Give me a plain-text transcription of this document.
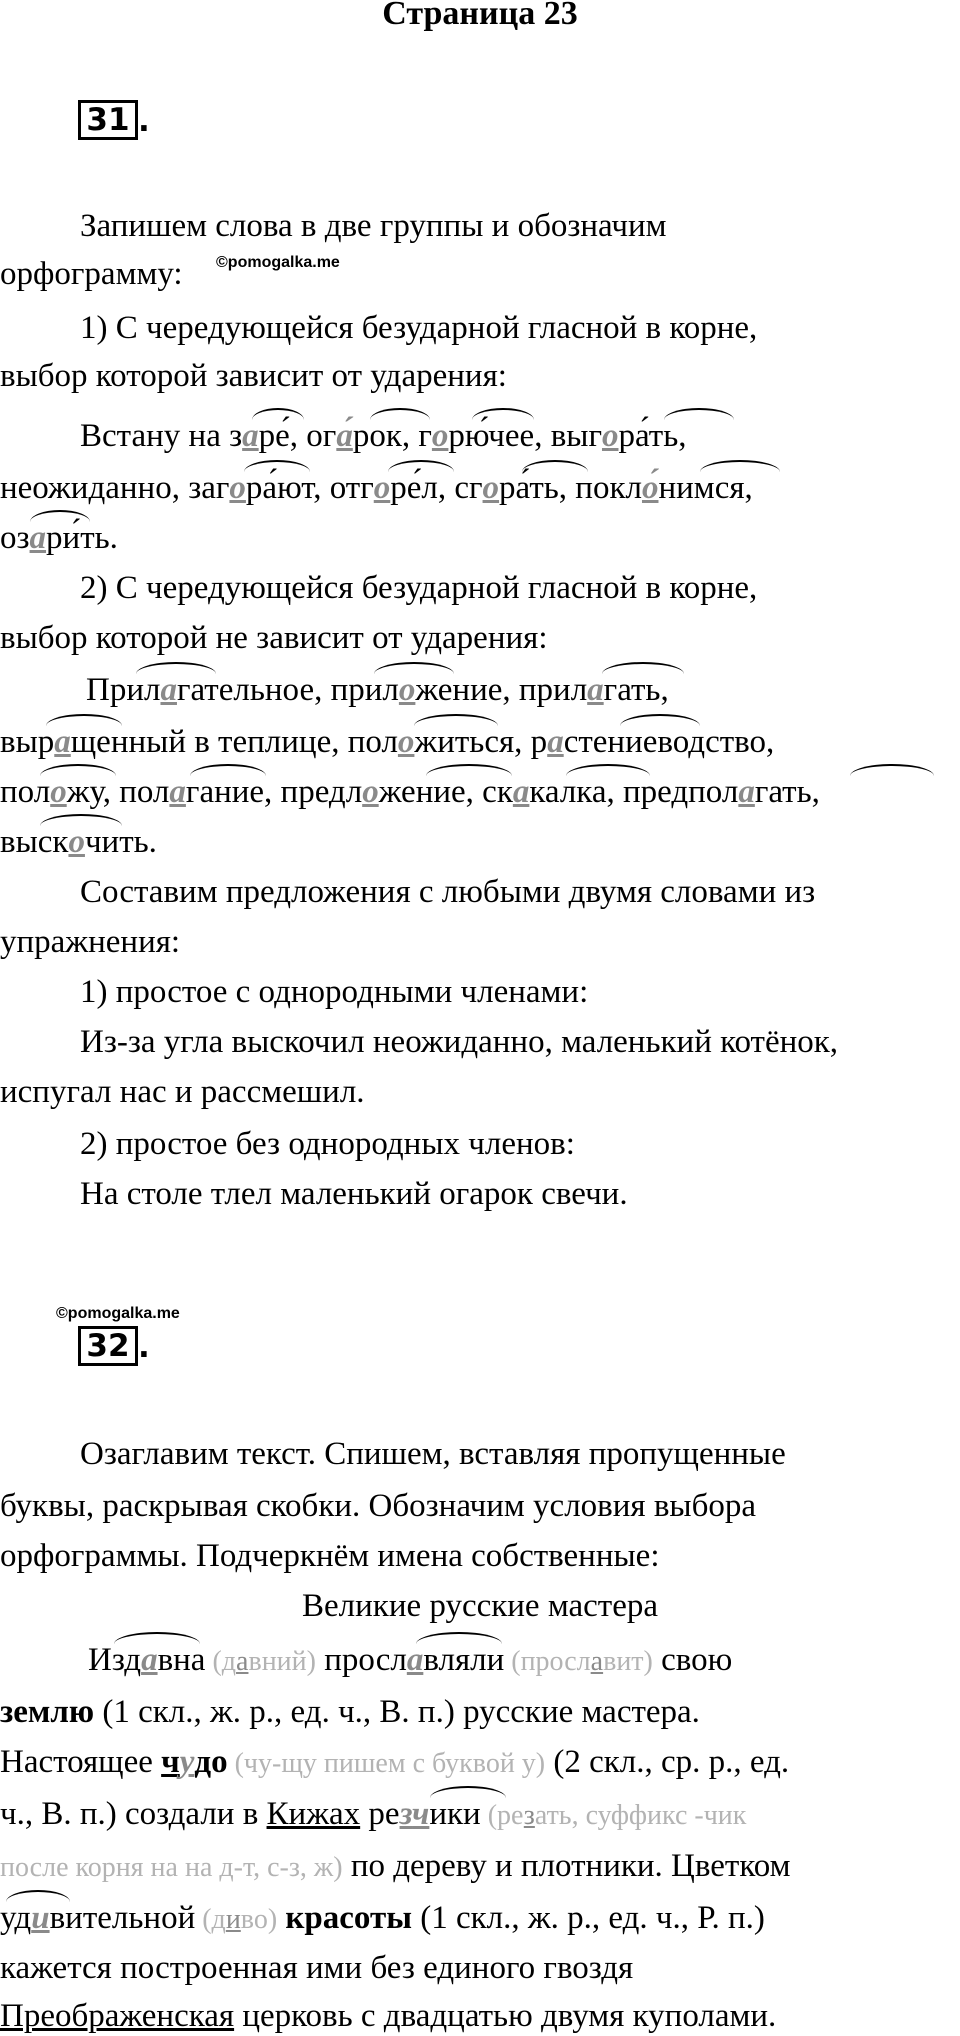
Страница 23
31 .
Запишем слова в две группы и обозначим
орфограмму:	©pomogalka.me
1) С чередующейся безударной гласной в корне,
выбор которой зависит от ударения:
Встану на заре́, ога́рок, горю́чее, выгора́ть,
неожиданно, загора́ют, отгоре́л, сгора́ть, покло́нимся,
озари́ть.
2) С чередующейся безударной гласной в корне,
выбор которой не зависит от ударения:
Прилагательное, приложение, прилагать,
выращенный в теплице, положиться, растениеводство,
положу, полагание, предложение, скакалка, предполагать,
выскочить.
Составим предложения с любыми двумя словами из
упражнения:
1) простое с однородными членами:
Из-за угла выскочил неожиданно, маленький котёнок,
испугал нас и рассмешил.
2) простое без однородных членов:
На столе тлел маленький огарок свечи.
©pomogalka.me
32 .
Озаглавим текст. Спишем, вставляя пропущенные
буквы, раскрывая скобки. Обозначим условия выбора
орфограммы. Подчеркнём имена собственные:
Великие русские мастера
Издавна (давний) прославляли (прославит) свою
землю (1 скл., ж. р., ед. ч., В. п.) русские мастера.
Настоящее чудо (чу-щу пишем с буквой у) (2 скл., ср. р., ед.
ч., В. п.) создали в Кижах резчики (резать, суффикс -чик
после корня на на д-т, с-з, ж) по дереву и плотники. Цветком
удивительной (диво) красоты (1 скл., ж. р., ед. ч., Р. п.)
кажется построенная ими без единого гвоздя
Преображенская церковь с двадцатью двумя куполами.
